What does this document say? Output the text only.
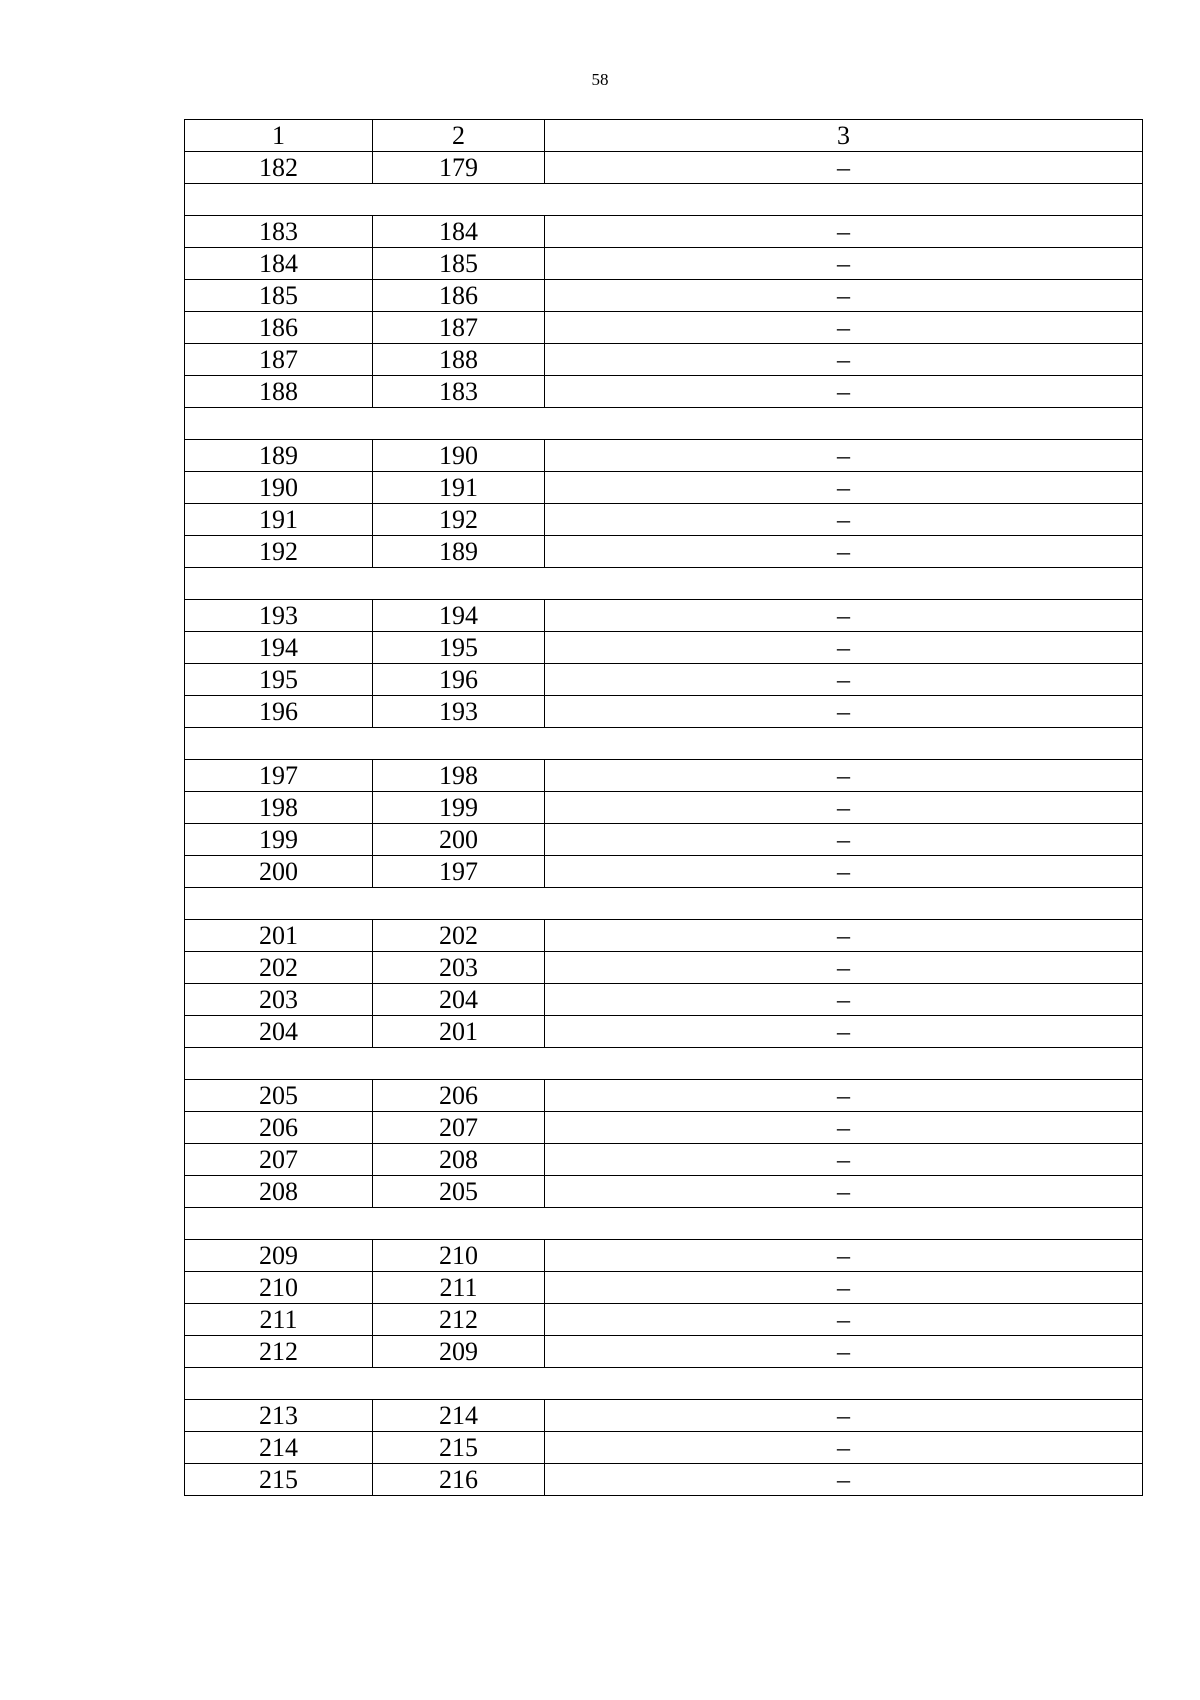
58
1	2	3
182	179	–

183	184	–
184	185	–
185	186	–
186	187	–
187	188	–
188	183	–

189	190	–
190	191	–
191	192	–
192	189	–

193	194	–
194	195	–
195	196	–
196	193	–

197	198	–
198	199	–
199	200	–
200	197	–

201	202	–
202	203	–
203	204	–
204	201	–

205	206	–
206	207	–
207	208	–
208	205	–

209	210	–
210	211	–
211	212	–
212	209	–

213	214	–
214	215	–
215	216	–
